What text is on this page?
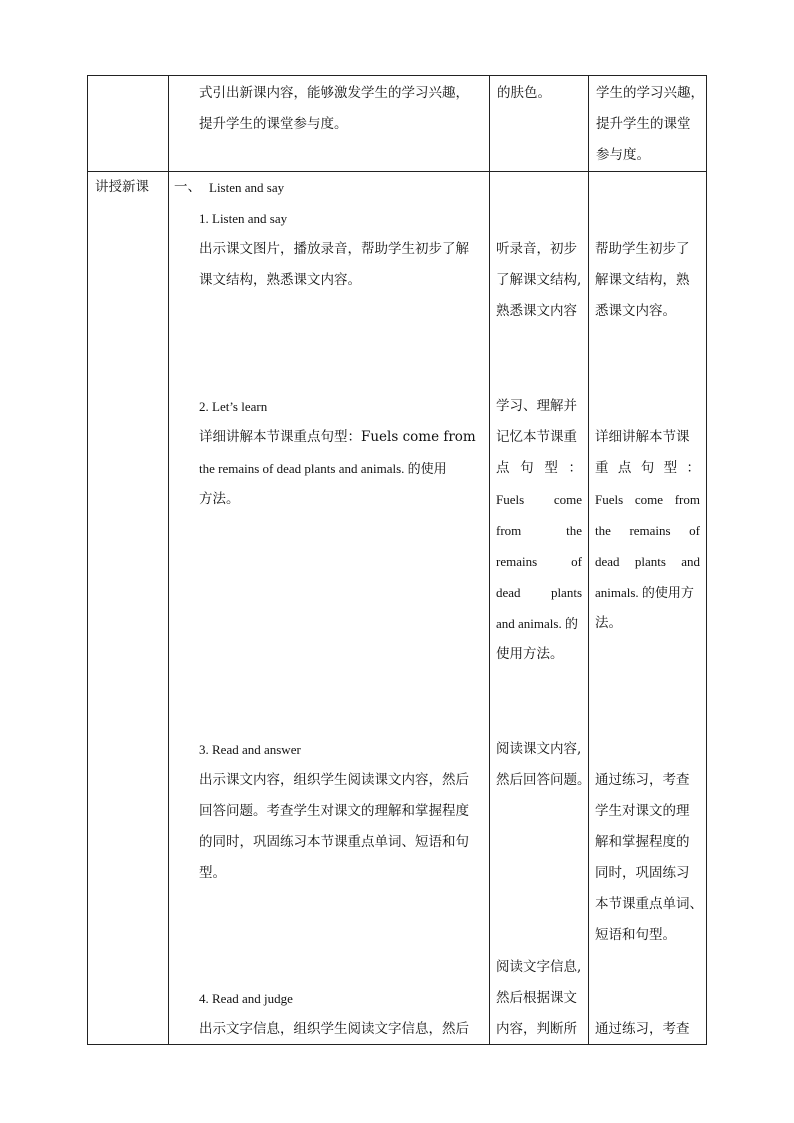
式引出新课内容，能够激发学生的学习兴趣，
提升学生的课堂参与度。
的肤色。	学生的学习兴趣，
提升学生的课堂
参与度。
讲授新课 一、 Listen and say
1. Listen and say
出示课文图片，播放录音，帮助学生初步了解
课文结构，熟悉课文内容。
听录音，初步
了解课文结构,
熟悉课文内容
帮助学生初步了
解课文结构，熟
悉课文内容。
2. Let’s learn
详细讲解本节课重点句型：Fuels come from
the remains of dead plants and animals. 的使用
方法。
学习、理解并
记忆本节课重
点句型：
Fuels come
from the
remains of
dead plants
and animals. 的
使用方法。
详细讲解本节课
重点句型：
Fuels come from
the remains of
dead plants and
animals. 的使用方
法。
3. Read and answer
出示课文内容，组织学生阅读课文内容，然后
回答问题。考查学生对课文的理解和掌握程度
的同时，巩固练习本节课重点单词、短语和句
型。
阅读课文内容,
然后回答问题。 通过练习，考查
学生对课文的理
解和掌握程度的
同时，巩固练习
本节课重点单词、
短语和句型。
阅读文字信息,
4. Read and judge	然后根据课文
出示文字信息，组织学生阅读文字信息，然后 内容，判断所 通过练习，考查
